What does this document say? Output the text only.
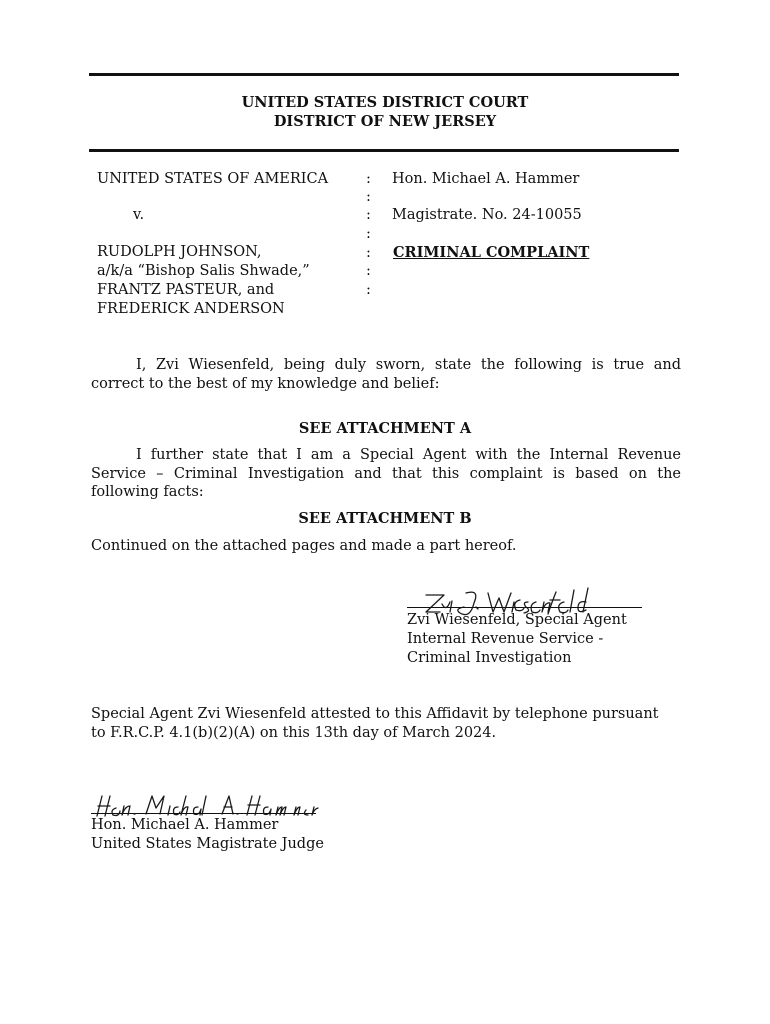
UNITED STATES DISTRICT COURT
DISTRICT OF NEW JERSEY
UNITED STATES OF AMERICA
v.
RUDOLPH JOHNSON,
a/k/a “Bishop Salis Shwade,”
FRANTZ PASTEUR, and
FREDERICK ANDERSON
:
:
:
:
:
:
:
Hon. Michael A. Hammer
Magistrate. No. 24-10055
CRIMINAL COMPLAINT
I, Zvi Wiesenfeld, being duly sworn, state the following is true and correct to the best of my knowledge and belief:
SEE ATTACHMENT A
I further state that I am a Special Agent with the Internal Revenue Service – Criminal Investigation and that this complaint is based on the following facts:
SEE ATTACHMENT B
Continued on the attached pages and made a part hereof.
Zvi Wiesenfeld, Special Agent
Internal Revenue Service -
Criminal Investigation
Special Agent Zvi Wiesenfeld attested to this Affidavit by telephone pursuant to F.R.C.P. 4.1(b)(2)(A) on this 13th day of March 2024.
Hon. Michael A. Hammer
United States Magistrate Judge
